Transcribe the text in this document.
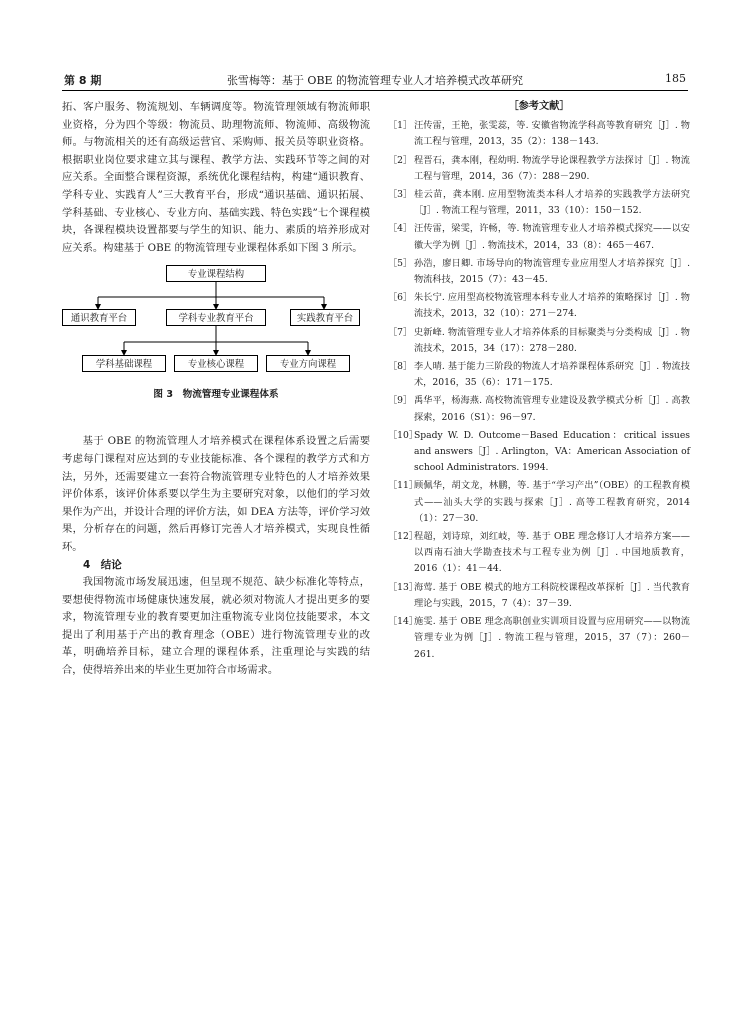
第 8 期	张雪梅等：基于 OBE 的物流管理专业人才培养模式改革研究	185

拓、客户服务、物流规划、车辆调度等。物流管理领域有物流师职业资格，分为四个等级：物流员、助理物流师、物流师、高级物流师。与物流相关的还有高级运营官、采购师、报关员等职业资格。根据职业岗位要求建立其与课程、教学方法、实践环节等之间的对应关系。全面整合课程资源，系统优化课程结构，构建“通识教育、学科专业、实践育人”三大教育平台，形成“通识基础、通识拓展、学科基础、专业核心、专业方向、基础实践、特色实践”七个课程模块，各课程模块设置都要与学生的知识、能力、素质的培养形成对应关系。构建基于 OBE 的物流管理专业课程体系如下图 3 所示。

专业课程结构
通识教育平台	学科专业教育平台	实践教育平台
学科基础课程	专业核心课程	专业方向课程
图 3　物流管理专业课程体系

基于 OBE 的物流管理人才培养模式在课程体系设置之后需要考虑每门课程对应达到的专业技能标准、各个课程的教学方式和方法，另外，还需要建立一套符合物流管理专业特色的人才培养效果评价体系，该评价体系要以学生为主要研究对象，以他们的学习效果作为产出，并设计合理的评价方法，如 DEA 方法等，评价学习效果，分析存在的问题，然后再修订完善人才培养模式，实现良性循环。

4　结论

我国物流市场发展迅速，但呈现不规范、缺少标准化等特点，要想使得物流市场健康快速发展，就必须对物流人才提出更多的要求，物流管理专业的教育要更加注重物流专业岗位技能要求，本文提出了利用基于产出的教育理念（OBE）进行物流管理专业的改革，明确培养目标，建立合理的课程体系，注重理论与实践的结合，使得培养出来的毕业生更加符合市场需求。

［参考文献］
［1］ 汪传雷，王艳，张雯蕊，等. 安徽省物流学科高等教育研究［J］. 物流工程与管理，2013，35（2）：138－143.
［2］ 程晋石，龚本刚，程幼明. 物流学导论课程教学方法探讨［J］. 物流工程与管理，2014，36（7）：288－290.
［3］ 桂云苗，龚本刚. 应用型物流类本科人才培养的实践教学方法研究［J］. 物流工程与管理，2011，33（10）：150－152.
［4］ 汪传雷，梁雯，许畅，等. 物流管理专业人才培养模式探究——以安徽大学为例［J］. 物流技术，2014，33（8）：465－467.
［5］ 孙浩，廖日卿. 市场导向的物流管理专业应用型人才培养探究［J］. 物流科技，2015（7）：43－45.
［6］ 朱长宁. 应用型高校物流管理本科专业人才培养的策略探讨［J］. 物流技术，2013，32（10）：271－274.
［7］ 史新峰. 物流管理专业人才培养体系的目标聚类与分类构成［J］. 物流技术，2015，34（17）：278－280.
［8］ 李人晴. 基于能力三阶段的物流人才培养课程体系研究［J］. 物流技术，2016，35（6）：171－175.
［9］ 禹华平，杨海燕. 高校物流管理专业建设及教学模式分析［J］. 高教探索，2016（S1）：96－97.
［10］
Spady W. D. Outcome－Based Education：critical issues and answers［J］. Arlington，VA：American Association of school Administrators. 1994.
［11］
顾佩华，胡文龙，林鹏，等. 基于“学习产出”（OBE）的工程教育模式——汕头大学的实践与探索［J］. 高等工程教育研究，2014（1）：27－30.
［12］
程超，刘诗琼，刘红岐，等. 基于 OBE 理念修订人才培养方案——以西南石油大学勘查技术与工程专业为例［J］. 中国地质教育，2016（1）：41－44.
［13］
海莺. 基于 OBE 模式的地方工科院校课程改革探析［J］. 当代教育理论与实践，2015，7（4）：37－39.
［14］
施雯. 基于 OBE 理念高职创业实训项目设置与应用研究——以物流管理专业为例［J］. 物流工程与管理，2015，37（7）：260－261.
